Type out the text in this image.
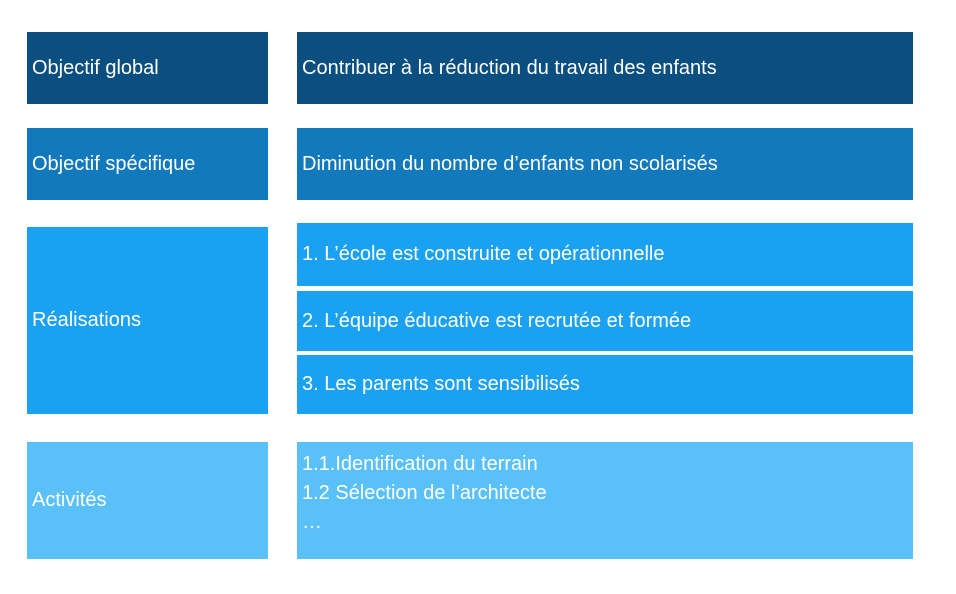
Objectif global	Contribuer à la réduction du travail des enfants
Objectif spécifique	Diminution du nombre d’enfants non scolarisés
Réalisations
1. L’école est construite et opérationnelle
2. L’équipe éducative est recrutée et formée
3. Les parents sont sensibilisés
Activités
1.1.Identification du terrain
1.2 Sélection de l’architecte
…
